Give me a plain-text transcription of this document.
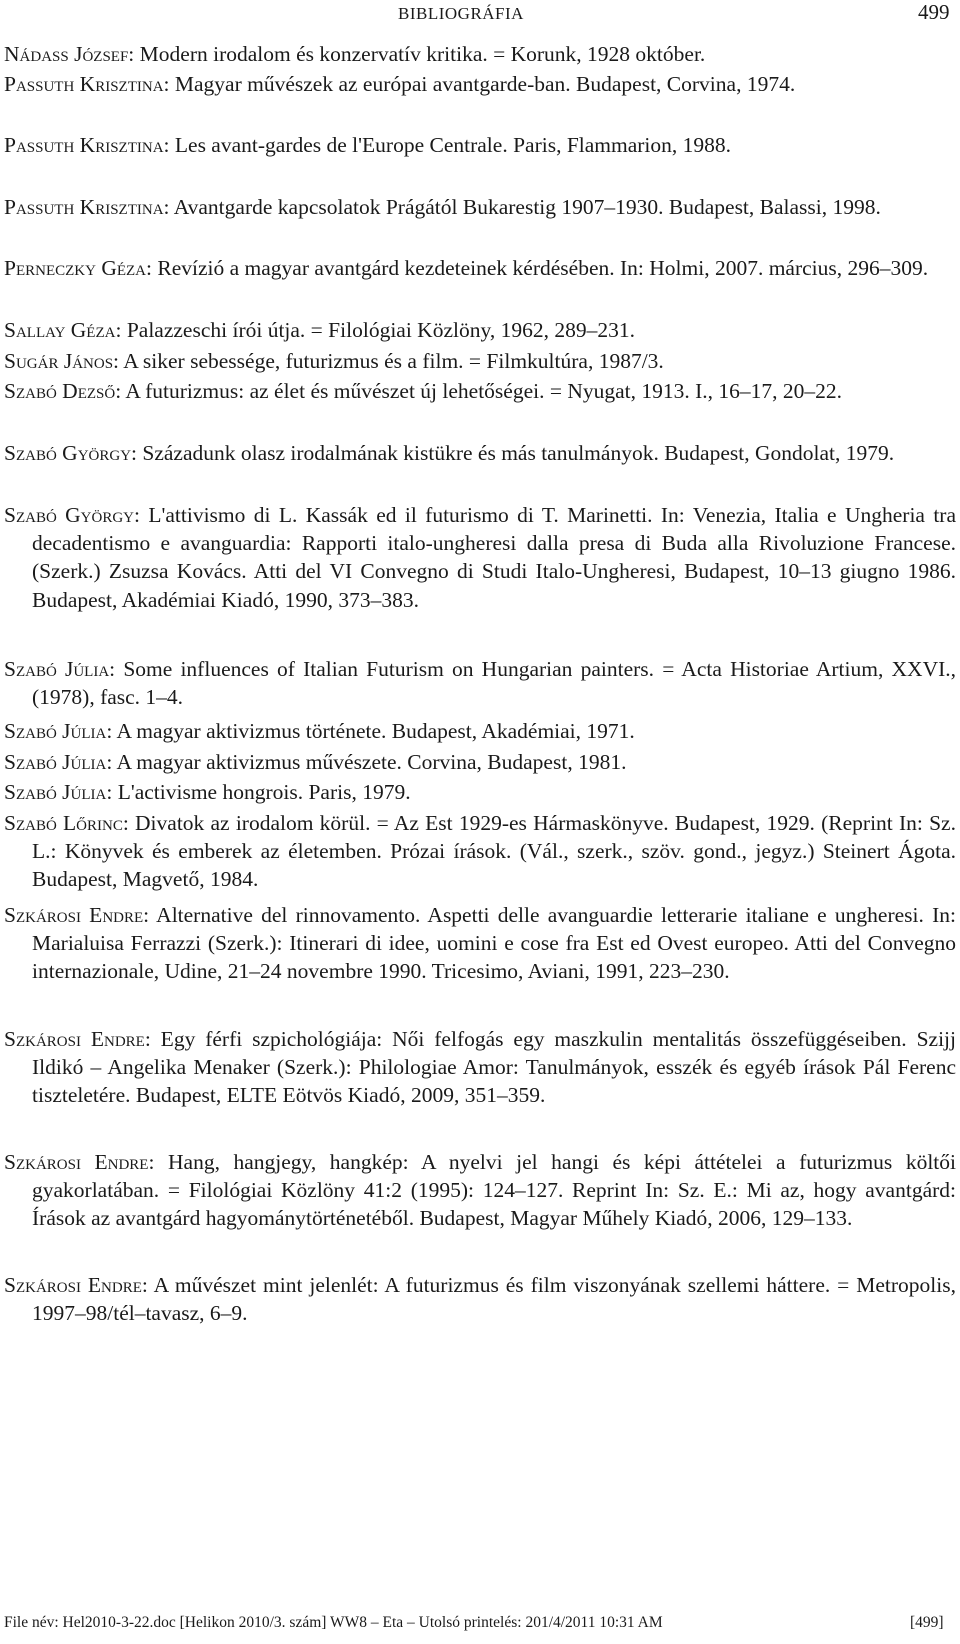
BIBLIOGRÁFIA	499
Nádass József: Modern irodalom és konzervatív kritika. = Korunk, 1928 október.
Passuth Krisztina: Magyar művészek az európai avantgarde-ban. Budapest, Corvina, 1974.
Passuth Krisztina: Les avant-gardes de l'Europe Centrale. Paris, Flammarion, 1988.
Passuth Krisztina: Avantgarde kapcsolatok Prágától Bukarestig 1907–1930. Budapest, Balassi, 1998.
Perneczky Géza: Revízió a magyar avantgárd kezdeteinek kérdésében. In: Holmi, 2007. március, 296–309.
Sallay Géza: Palazzeschi írói útja. = Filológiai Közlöny, 1962, 289–231.
Sugár János: A siker sebessége, futurizmus és a film. = Filmkultúra, 1987/3.
Szabó Dezső: A futurizmus: az élet és művészet új lehetőségei. = Nyugat, 1913. I., 16–17, 20–22.
Szabó György: Századunk olasz irodalmának kistükre és más tanulmányok. Budapest, Gondolat, 1979.
Szabó György: L'attivismo di L. Kassák ed il futurismo di T. Marinetti. In: Venezia, Italia e Ungheria tra decadentismo e avanguardia: Rapporti italo-ungheresi dalla presa di Buda alla Rivoluzione Francese. (Szerk.) Zsuzsa Kovács. Atti del VI Convegno di Studi Italo-Ungheresi, Budapest, 10–13 giugno 1986. Budapest, Akadémiai Kiadó, 1990, 373–383.
Szabó Júlia: Some influences of Italian Futurism on Hungarian painters. = Acta Historiae Artium, XXVI., (1978), fasc. 1–4.
Szabó Júlia: A magyar aktivizmus története. Budapest, Akadémiai, 1971.
Szabó Júlia: A magyar aktivizmus művészete. Corvina, Budapest, 1981.
Szabó Júlia: L'activisme hongrois. Paris, 1979.
Szabó Lőrinc: Divatok az irodalom körül. = Az Est 1929-es Hármaskönyve. Budapest, 1929. (Reprint In: Sz. L.: Könyvek és emberek az életemben. Prózai írások. (Vál., szerk., szöv. gond., jegyz.) Steinert Ágota. Budapest, Magvető, 1984.
Szkárosi Endre: Alternative del rinnovamento. Aspetti delle avanguardie letterarie italiane e ungheresi. In: Marialuisa Ferrazzi (Szerk.): Itinerari di idee, uomini e cose fra Est ed Ovest europeo. Atti del Convegno internazionale, Udine, 21–24 novembre 1990. Tricesimo, Aviani, 1991, 223–230.
Szkárosi Endre: Egy férfi szpichológiája: Női felfogás egy maszkulin mentalitás összefüggéseiben. Szijj Ildikó – Angelika Menaker (Szerk.): Philologiae Amor: Tanulmányok, esszék és egyéb írások Pál Ferenc tiszteletére. Budapest, ELTE Eötvös Kiadó, 2009, 351–359.
Szkárosi Endre: Hang, hangjegy, hangkép: A nyelvi jel hangi és képi áttételei a futurizmus költői gyakorlatában. = Filológiai Közlöny 41:2 (1995): 124–127. Reprint In: Sz. E.: Mi az, hogy avantgárd: Írások az avantgárd hagyománytörténetéből. Budapest, Magyar Műhely Kiadó, 2006, 129–133.
Szkárosi Endre: A művészet mint jelenlét: A futurizmus és film viszonyának szellemi háttere. = Metropolis, 1997–98/tél–tavasz, 6–9.
File név: Hel2010-3-22.doc [Helikon 2010/3. szám] WW8 – Eta – Utolsó printelés: 201/4/2011 10:31 AM	[499]
